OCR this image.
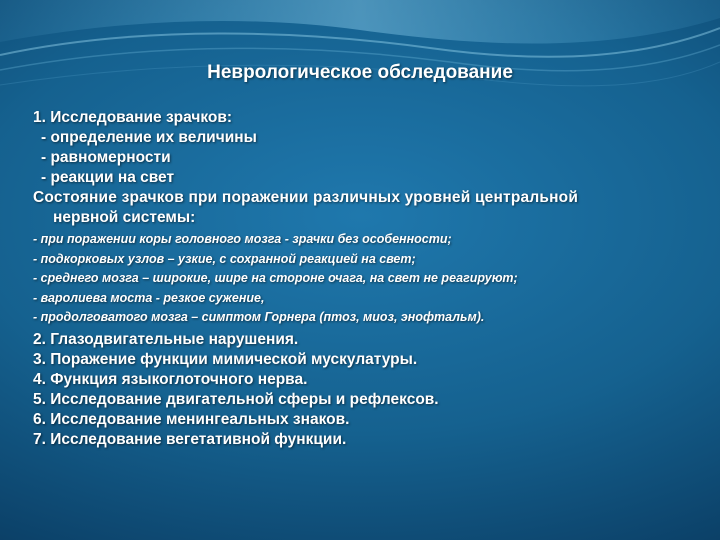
Неврологическое обследование
1. Исследование зрачков:
- определение их величины
- равномерности
- реакции на свет
Состояние зрачков при поражении различных уровней центральной
нервной системы:
- при поражении коры головного мозга - зрачки без особенности;
- подкорковых узлов – узкие, с сохранной реакцией на свет;
- среднего мозга – широкие, шире на стороне очага, на свет не реагируют;
- варолиева моста - резкое сужение,
- продолговатого мозга – симптом Горнера (птоз, миоз, энофтальм).
2. Глазодвигательные нарушения.
3. Поражение функции мимической мускулатуры.
4. Функция языкоглоточного нерва.
5. Исследование двигательной сферы и рефлексов.
6. Исследование менингеальных знаков.
7. Исследование вегетативной функции.
